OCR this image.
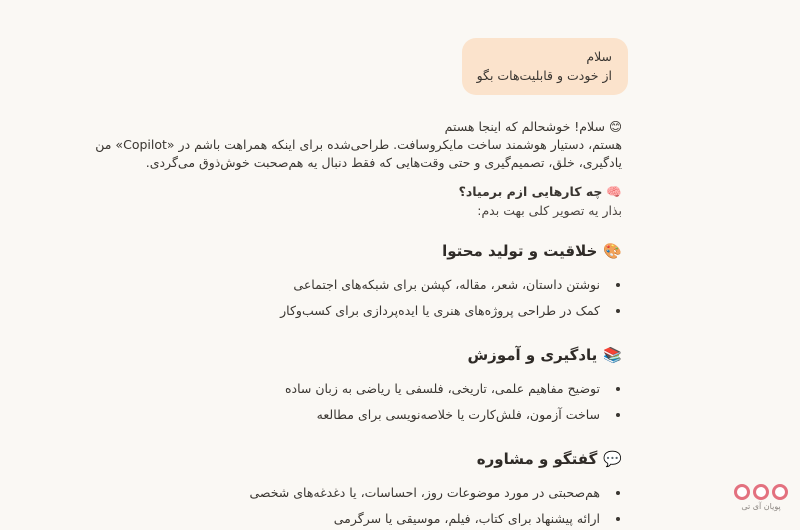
سلام
از خودت و قابلیت‌هات بگو
😊سلام! خوشحالم که اینجا هستم
هستم، دستیار هوشمند ساخت مایکروسافت. طراحی‌شده برای اینکه همراهت باشم در «Copilot» من
یادگیری، خلق، تصمیم‌گیری و حتی وقت‌هایی که فقط دنبال یه هم‌صحبت خوش‌ذوق می‌گردی.
🧠چه کارهایی ازم برمیاد؟
بذار یه تصویر کلی بهت بدم:
🎨خلاقیت و تولید محتوا
نوشتن داستان، شعر، مقاله، کپشن برای شبکه‌های اجتماعی
کمک در طراحی پروژه‌های هنری یا ایده‌پردازی برای کسب‌وکار
📚یادگیری و آموزش
توضیح مفاهیم علمی، تاریخی، فلسفی یا ریاضی به زبان ساده
ساخت آزمون، فلش‌کارت یا خلاصه‌نویسی برای مطالعه
💬گفتگو و مشاوره
هم‌صحبتی در مورد موضوعات روز، احساسات، یا دغدغه‌های شخصی
ارائه پیشنهاد برای کتاب، فیلم، موسیقی یا سرگرمی
پویان آی تی
